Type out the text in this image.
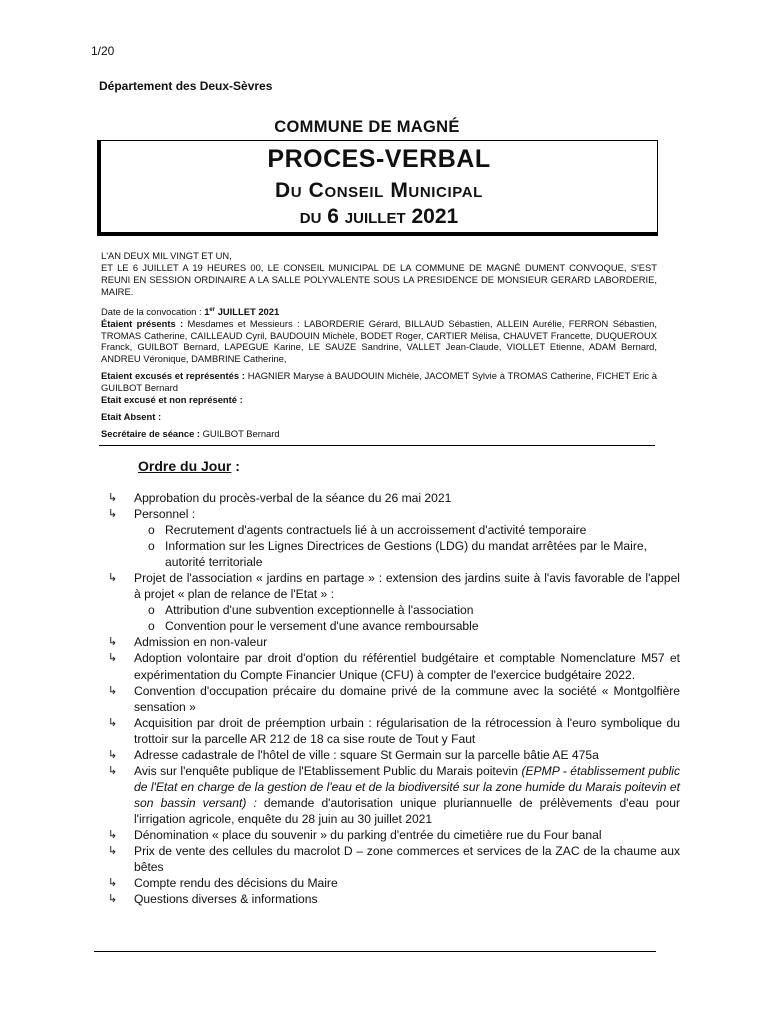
1/20
Département des Deux-Sèvres
COMMUNE DE MAGNÉ
PROCES-VERBAL
Du Conseil Municipal
du 6 juillet 2021

L'AN DEUX MIL VINGT ET UN,

ET LE 6 JUILLET A 19 HEURES 00, LE CONSEIL MUNICIPAL DE LA COMMUNE DE MAGNÉ DUMENT CONVOQUE, S'EST REUNI EN SESSION ORDINAIRE A LA SALLE POLYVALENTE SOUS LA PRESIDENCE DE MONSIEUR GERARD LABORDERIE, MAIRE.

Date de la convocation : 1er JUILLET 2021

Étaient présents : Mesdames et Messieurs : LABORDERIE Gérard, BILLAUD Sébastien, ALLEIN Aurélie, FERRON Sébastien, TROMAS Catherine, CAILLEAUD Cyril, BAUDOUIN Michèle, BODET Roger, CARTIER Mélisa, CHAUVET Francette, DUQUEROUX Franck, GUILBOT Bernard, LAPEGUE Karine, LE SAUZE Sandrine, VALLET Jean-Claude, VIOLLET Etienne, ADAM Bernard, ANDREU Véronique, DAMBRINE Catherine,

Etaient excusés et représentés : HAGNIER Maryse à BAUDOUIN Michèle, JACOMET Sylvie à TROMAS Catherine, FICHET Eric à GUILBOT Bernard

Etait excusé et non représenté :

Etait Absent :

Secrétaire de séance : GUILBOT Bernard

Ordre du Jour :
↳	Approbation du procès-verbal de la séance du 26 mai 2021
↳	Personnel :
o Recrutement d'agents contractuels lié à un accroissement d'activité temporaire
o Information sur les Lignes Directrices de Gestions (LDG) du mandat arrêtées par le Maire, autorité territoriale
↳	Projet de l'association « jardins en partage » : extension des jardins suite à l'avis favorable de l'appel à projet « plan de relance de l'Etat » :
o Attribution d'une subvention exceptionnelle à l'association
o Convention pour le versement d'une avance remboursable
↳	Admission en non-valeur
↳	Adoption volontaire par droit d'option du référentiel budgétaire et comptable Nomenclature M57 et expérimentation du Compte Financier Unique (CFU) à compter de l'exercice budgétaire 2022.
↳	Convention d'occupation précaire du domaine privé de la commune avec la société « Montgolfière sensation »
↳	Acquisition par droit de préemption urbain : régularisation de la rétrocession à l'euro symbolique du trottoir sur la parcelle AR 212 de 18 ca sise route de Tout y Faut
↳	Adresse cadastrale de l'hôtel de ville : square St Germain sur la parcelle bâtie AE 475a
↳	Avis sur l'enquête publique de l'Etablissement Public du Marais poitevin (EPMP - établissement public de l'Etat en charge de la gestion de l'eau et de la biodiversité sur la zone humide du Marais poitevin et son bassin versant) : demande d'autorisation unique pluriannuelle de prélèvements d'eau pour l'irrigation agricole, enquête du 28 juin au 30 juillet 2021
↳	Dénomination « place du souvenir » du parking d'entrée du cimetière rue du Four banal
↳	Prix de vente des cellules du macrolot D – zone commerces et services de la ZAC de la chaume aux bêtes
↳	Compte rendu des décisions du Maire
↳	Questions diverses & informations
